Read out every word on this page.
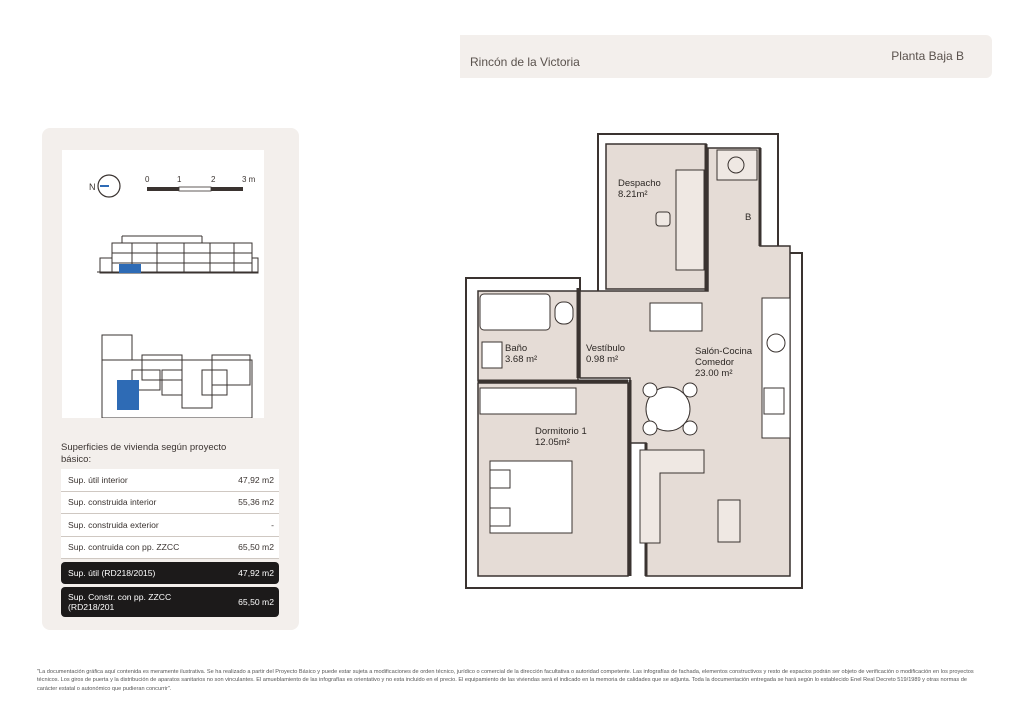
Rincón de la Victoria	Planta Baja B
N
0	1	2	3 m
Superficies de vivienda según proyecto básico:
Sup. útil interior	47,92 m2
Sup. construida interior	55,36 m2
Sup. construida exterior	-
Sup. contruida con pp. ZZCC	65,50 m2
Sup. útil (RD218/2015)	47,92 m2
Sup. Constr. con pp. ZZCC (RD218/201	65,50 m2
Despacho
8.21m²
Baño
3.68 m²
Vestíbulo
0.98 m²
Salón-Cocina
Comedor
23.00 m²
Dormitorio 1
12.05m²
B
"La documentación gráfica aquí contenida es meramente ilustrativa. Se ha realizado a partir del Proyecto Básico y puede estar sujeta a modificaciones de orden técnico, jurídico o comercial de la dirección facultativa o autoridad competente. Las infografías de fachada, elementos constructivos y resto de espacios podrán ser objeto de verificación o modificación en los proyectos técnicos. Los giros de puerta y la distribución de aparatos sanitarios no son vinculantes. El amueblamiento de las infografías es orientativo y no esta incluido en el precio. El equipamiento de las viviendas será el indicado en la memoria de calidades que se adjunta. Toda la documentación entregada se hará según lo establecido Enel Real Decreto 519/1989 y otras normas de carácter estatal o autonómico que pudieran concurrir".
